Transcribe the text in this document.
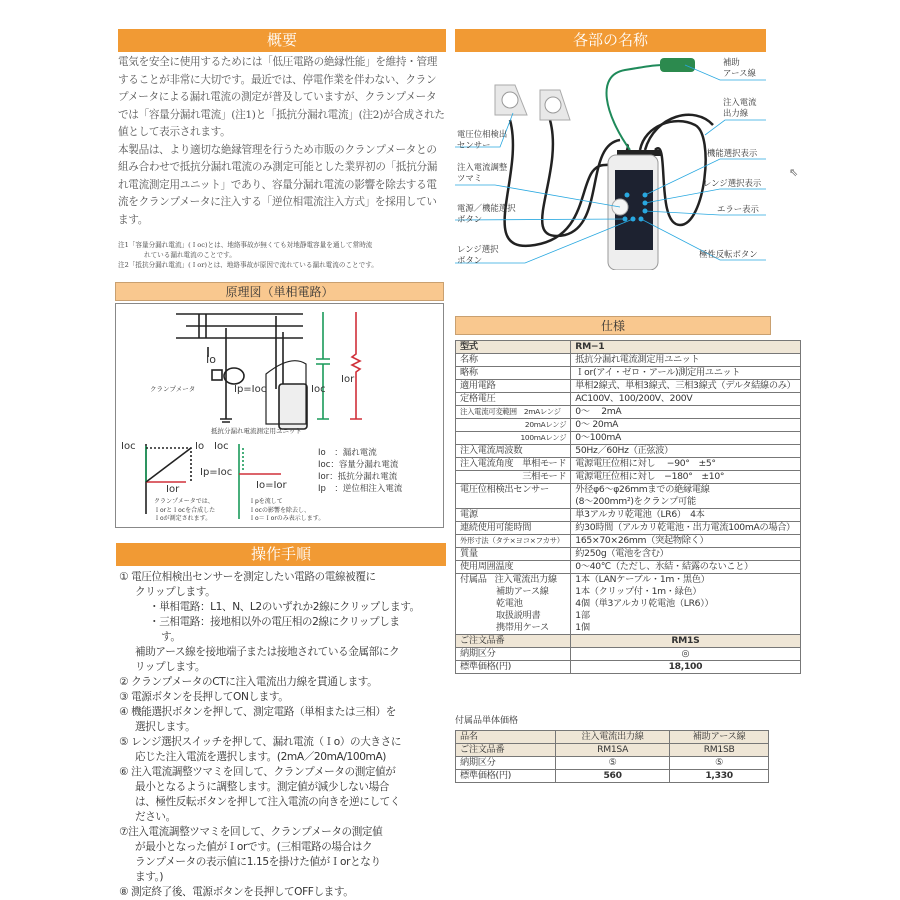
概要

電気を安全に使用するためには「低圧電路の絶縁性能」を維持・管理することが非常に大切です。最近では、停電作業を伴わない、クランプメータによる漏れ電流の測定が普及していますが、クランプメータでは「容量分漏れ電流」(注1)と「抵抗分漏れ電流」(注2)が合成された値として表示されます。

本製品は、より適切な絶縁管理を行うため市販のクランプメータとの組み合わせで抵抗分漏れ電流のみ測定可能とした業界初の「抵抗分漏れ電流測定用ユニット」であり、容量分漏れ電流の影響を除去する電流をクランプメータに注入する「逆位相電流注入方式」を採用しています。

注1「容量分漏れ電流」(Ｉoc)とは、地絡事故が無くても対地静電容量を通して常時流
れている漏れ電流のことです。
注2「抵抗分漏れ電流」(Ｉor)とは、地絡事故が原因で流れている漏れ電流のことです。
各部の名称
電圧位相検出
センサー
注入電流調整
ツマミ
電源／機能選択
ボタン
レンジ選択
ボタン
補助
アース線
注入電流
出力線
機能選択表示
レンジ選択表示
エラー表示
極性反転ボタン
⇖
原理図（単相電路）
クランプメータ
Io
Ip=Ioc	Ioc
Ior
抵抗分漏れ電流測定用ユニット
Ioc	Io
Ior
Ioc
Ip=Ioc
Io=Ior
Io　：漏れ電流
Ioc：容量分漏れ電流
Ior：抵抗分漏れ電流
Ip　：逆位相注入電流
クランプメータでは、
Ｉorとｌocを合成した
Ｉoが測定されます。
Ｉpを流して
Ｉocの影響を除去し、
Ｉo＝Ｉorのみ表示します。
操作手順
① 電圧位相検出センサーを測定したい電路の電線被覆に
クリップします。
・単相電路：L1、N、L2のいずれか2線にクリップします。
・三相電路：接地相以外の電圧相の2線にクリップしま
す。
補助アース線を接地端子または接地されている金属部にク
リップします。
② クランプメータのCTに注入電流出力線を貫通します。
③ 電源ボタンを長押してONします。
④ 機能選択ボタンを押して、測定電路（単相または三相）を
選択します。
⑤ レンジ選択スイッチを押して、漏れ電流（Ｉo）の大きさに
応じた注入電流を選択します。(2mA／20mA/100mA)
⑥ 注入電流調整ツマミを回して、クランプメータの測定値が
最小となるように調整します。測定値が減少しない場合
は、極性反転ボタンを押して注入電流の向きを逆にしてく
ださい。
⑦注入電流調整ツマミを回して、クランプメータの測定値
が最小となった値がＩorです。(三相電路の場合はク
ランプメータの表示値に1.15を掛けた値がＩorとなり
ます。)
⑧ 測定終了後、電源ボタンを長押してOFFします。
仕様
型式	RM−1
名称	抵抗分漏れ電流測定用ユニット
略称	Ｉor(アイ・ゼロ・アール)測定用ユニット
適用電路	単相2線式、単相3線式、三相3線式（デルタ結線のみ）
定格電圧	AC100V、100/200V、200V
注入電流可変範囲　2mAレンジ	0〜　 2mA
20mAレンジ	0〜 20mA
100mAレンジ	0〜100mA
注入電流周波数	50Hz／60Hz（正弦波）
注入電流角度　単相モード	電源電圧位相に対し　 −90°　±5°
三相モード	電源電圧位相に対し　−180°　±10°
電圧位相検出センサー	外径φ6〜φ26mmまでの絶縁電線
(8〜200mm²)をクランプ可能
電源	単3アルカリ乾電池（LR6）　4本
連続使用可能時間	約30時間（アルカリ乾電池・出力電流100mAの場合）
外形寸法（タテ×ヨコ×フカサ）	165×70×26mm（突起物除く）
質量	約250g（電池を含む）
使用周囲温度	0〜40℃（ただし、氷結・結露のないこと）
付属品 注入電流出力線	1本（LANケーブル・1m・黒色）
補助アース線	1本（クリップ付・1m・緑色）
乾電池	4個（単3アルカリ乾電池（LR6））
取扱説明書	1部
携帯用ケース	1個
ご注文品番	RM1S
納期区分	◎
標準価格(円)	18,100
付属品単体価格
品名	注入電流出力線	補助アース線
ご注文品番	RM1SA	RM1SB
納期区分	⑤	⑤
標準価格(円)	560	1,330
